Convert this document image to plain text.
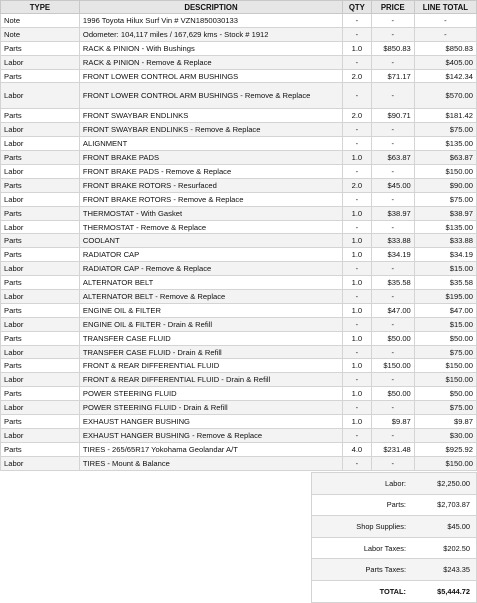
TYPE	DESCRIPTION	QTY	PRICE	LINE TOTAL
Note	1996 Toyota Hilux Surf Vin # VZN1850030133	-	-	-
Note	Odometer: 104,117 miles / 167,629 kms - Stock # 1912	-	-	-
Parts	RACK & PINION - With Bushings	1.0	$850.83	$850.83
Labor	RACK & PINION - Remove & Replace	-	-	$405.00
Parts	FRONT LOWER CONTROL ARM BUSHINGS	2.0	$71.17	$142.34
Labor	FRONT LOWER CONTROL ARM BUSHINGS - Remove & Replace	-	-	$570.00
Parts	FRONT SWAYBAR ENDLINKS	2.0	$90.71	$181.42
Labor	FRONT SWAYBAR ENDLINKS - Remove & Replace	-	-	$75.00
Labor	ALIGNMENT	-	-	$135.00
Parts	FRONT BRAKE PADS	1.0	$63.87	$63.87
Labor	FRONT BRAKE PADS - Remove & Replace	-	-	$150.00
Parts	FRONT BRAKE ROTORS - Resurfaced	2.0	$45.00	$90.00
Labor	FRONT BRAKE ROTORS - Remove & Replace	-	-	$75.00
Parts	THERMOSTAT - With Gasket	1.0	$38.97	$38.97
Labor	THERMOSTAT - Remove & Replace	-	-	$135.00
Parts	COOLANT	1.0	$33.88	$33.88
Parts	RADIATOR CAP	1.0	$34.19	$34.19
Labor	RADIATOR CAP - Remove & Replace	-	-	$15.00
Parts	ALTERNATOR BELT	1.0	$35.58	$35.58
Labor	ALTERNATOR BELT - Remove & Replace	-	-	$195.00
Parts	ENGINE OIL & FILTER	1.0	$47.00	$47.00
Labor	ENGINE OIL & FILTER - Drain & Refill	-	-	$15.00
Parts	TRANSFER CASE FLUID	1.0	$50.00	$50.00
Labor	TRANSFER CASE FLUID - Drain & Refill	-	-	$75.00
Parts	FRONT & REAR DIFFERENTIAL FLUID	1.0	$150.00	$150.00
Labor	FRONT & REAR DIFFERENTIAL FLUID - Drain & Refill	-	-	$150.00
Parts	POWER STEERING FLUID	1.0	$50.00	$50.00
Labor	POWER STEERING FLUID - Drain & Refill	-	-	$75.00
Parts	EXHAUST HANGER BUSHING	1.0	$9.87	$9.87
Labor	EXHAUST HANGER BUSHING - Remove & Replace	-	-	$30.00
Parts	TIRES - 265/65R17 Yokohama Geolandar A/T	4.0	$231.48	$925.92
Labor	TIRES - Mount & Balance	-	-	$150.00
Labor:	$2,250.00
Parts:	$2,703.87
Shop Supplies:	$45.00
Labor Taxes:	$202.50
Parts Taxes:	$243.35
TOTAL:	$5,444.72
